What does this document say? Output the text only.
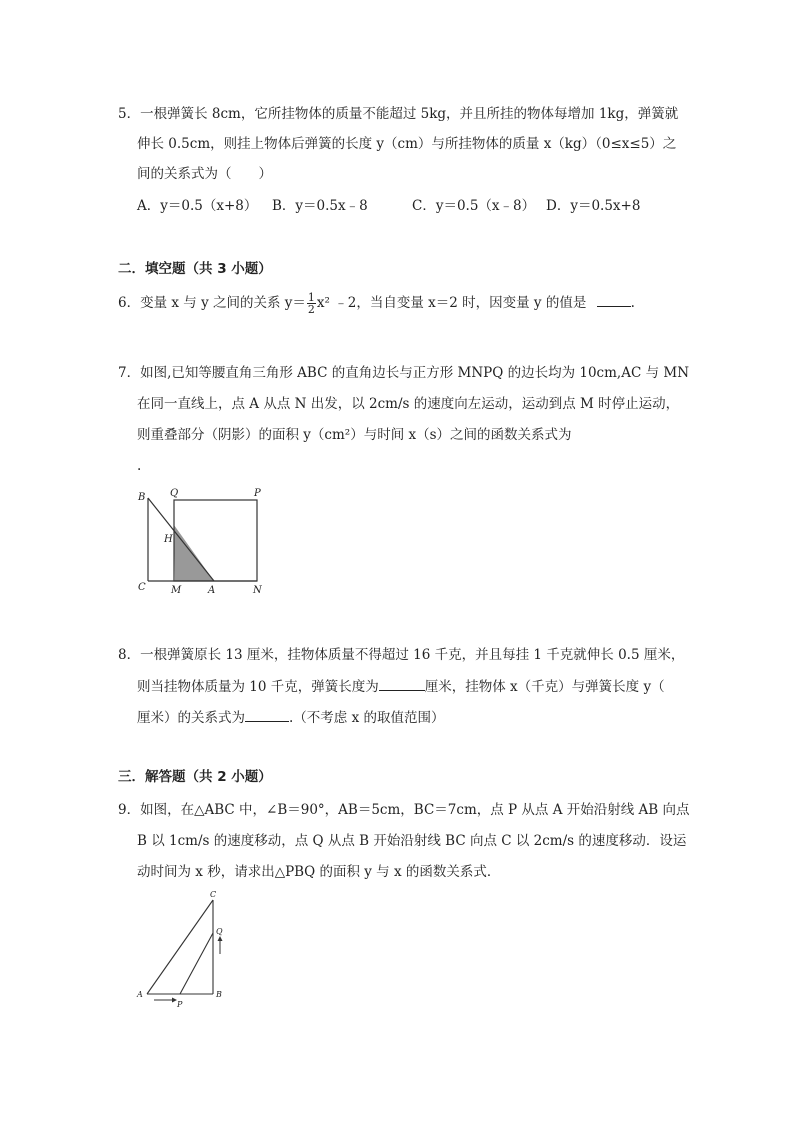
5．一根弹簧长 8cm，它所挂物体的质量不能超过 5kg，并且所挂的物体每增加 1kg，弹簧就
伸长 0.5cm，则挂上物体后弹簧的长度 y（cm）与所挂物体的质量 x（kg）（0≤x≤5）之
间的关系式为（　　）
A．y＝0.5（x+8） B．y＝0.5x﹣8	C．y＝0.5（x﹣8） D．y＝0.5x+8
二．填空题（共 3 小题）
6．变量 x 与 y 之间的关系 $y= \frac{1}{2} x^2$ ﹣2，当自变量 x＝2 时，因变量 y 的值是	.
7．如图,已知等腰直角三角形 ABC 的直角边长与正方形 MNPQ 的边长均为 10cm,AC 与 MN
在同一直线上，点 A 从点 N 出发，以 2cm/s 的速度向左运动，运动到点 M 时停止运动，
则重叠部分（阴影）的面积 y（cm²）与时间 x（s）之间的函数关系式为
.
B Q	P
H
C	M	A	N
8．一根弹簧原长 13 厘米，挂物体质量不得超过 16 千克，并且每挂 1 千克就伸长 0.5 厘米，
则当挂物体质量为 10 千克，弹簧长度为	厘米，挂物体 x（千克）与弹簧长度 y（
厘米）的关系式为	.（不考虑 x 的取值范围）
三．解答题（共 2 小题）
9．如图，在△ABC 中，∠B＝90°，AB＝5cm，BC＝7cm，点 P 从点 A 开始沿射线 AB 向点
B 以 1cm/s 的速度移动，点 Q 从点 B 开始沿射线 BC 向点 C 以 2cm/s 的速度移动．设运
动时间为 x 秒，请求出△PBQ 的面积 y 与 x 的函数关系式．
C
Q
A
P
B
